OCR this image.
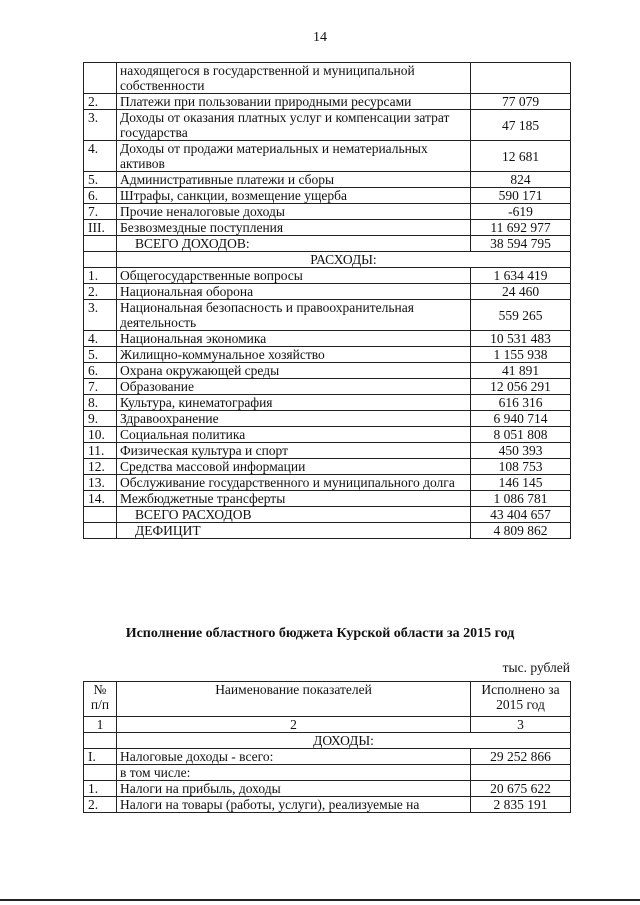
14
	находящегося в государственной и муниципальной собственности	
2.	Платежи при пользовании природными ресурсами	77 079
3.	Доходы от оказания платных услуг и компенсации затрат государства	47 185
4.	Доходы от продажи материальных и нематериальных активов	12 681
5.	Административные платежи и сборы	824
6.	Штрафы, санкции, возмещение ущерба	590 171
7.	Прочие неналоговые доходы	-619
III.	Безвозмездные поступления	11 692 977
	ВСЕГО ДОХОДОВ:	38 594 795
	РАСХОДЫ:	
1.	Общегосударственные вопросы	1 634 419
2.	Национальная оборона	24 460
3.	Национальная безопасность и правоохранительная деятельность	559 265
4.	Национальная экономика	10 531 483
5.	Жилищно-коммунальное хозяйство	1 155 938
6.	Охрана окружающей среды	41 891
7.	Образование	12 056 291
8.	Культура, кинематография	616 316
9.	Здравоохранение	6 940 714
10.	Социальная политика	8 051 808
11.	Физическая культура и спорт	450 393
12.	Средства массовой информации	108 753
13.	Обслуживание государственного и муниципального долга	146 145
14.	Межбюджетные трансферты	1 086 781
	ВСЕГО РАСХОДОВ	43 404 657
	ДЕФИЦИТ	4 809 862
Исполнение областного бюджета Курской области за 2015 год
тыс. рублей
№ п/п	Наименование показателей	Исполнено за 2015 год
1	2	3
	ДОХОДЫ:	
I.	Налоговые доходы - всего:	29 252 866
	в том числе:	
1.	Налоги на прибыль, доходы	20 675 622
2.	Налоги на товары (работы, услуги), реализуемые на	2 835 191
